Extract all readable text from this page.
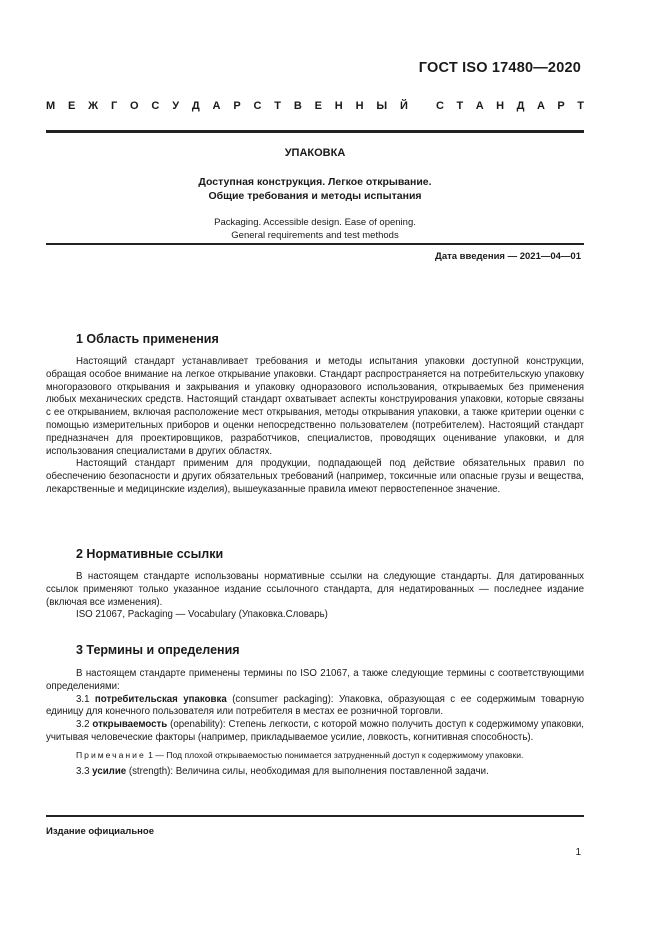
ГОСТ ISO 17480—2020
М Е Ж Г О С У Д А Р С Т В Е Н Н Ы Й	С Т А Н Д А Р Т
УПАКОВКА
Доступная конструкция. Легкое открывание.
Общие требования и методы испытания
Packaging. Accessible design. Ease of opening.
General requirements and test methods
Дата введения — 2021—04—01
1 Область применения

Настоящий стандарт устанавливает требования и методы испытания упаковки доступной конструкции, обращая особое внимание на легкое открывание упаковки. Стандарт распространяется на потребительскую упаковку многоразового открывания и закрывания и упаковку одноразового использования, открываемых без применения любых механических средств. Настоящий стандарт охватывает аспекты конструирования упаковки, которые связаны с ее открыванием, включая расположение мест открывания, методы открывания упаковки, а также критерии оценки с помощью измерительных приборов и оценки непосредственно пользователем (потребителем). Настоящий стандарт предназначен для проектировщиков, разработчиков, специалистов, проводящих оценивание упаковки, и для использования специалистами в других областях.

Настоящий стандарт применим для продукции, подпадающей под действие обязательных правил по обеспечению безопасности и других обязательных требований (например, токсичные или опасные грузы и вещества, лекарственные и медицинские изделия), вышеуказанные правила имеют первостепенное значение.

2 Нормативные ссылки

В настоящем стандарте использованы нормативные ссылки на следующие стандарты. Для датированных ссылок применяют только указанное издание ссылочного стандарта, для недатированных — последнее издание (включая все изменения).

ISO 21067, Packaging — Vocabulary (Упаковка.Словарь)

3 Термины и определения

В настоящем стандарте применены термины по ISO 21067, а также следующие термины с соответствующими определениями:

3.1 потребительская упаковка (consumer packaging): Упаковка, образующая с ее содержимым товарную единицу для конечного пользователя или потребителя в местах ее розничной торговли.

3.2 открываемость (openability): Степень легкости, с которой можно получить доступ к содержимому упаковки, учитывая человеческие факторы (например, прикладываемое усилие, ловкость, когнитивная способность).

Примечание 1 — Под плохой открываемостью понимается затрудненный доступ к содержимому упаковки.

3.3 усилие (strength): Величина силы, необходимая для выполнения поставленной задачи.

Издание официальное
1
